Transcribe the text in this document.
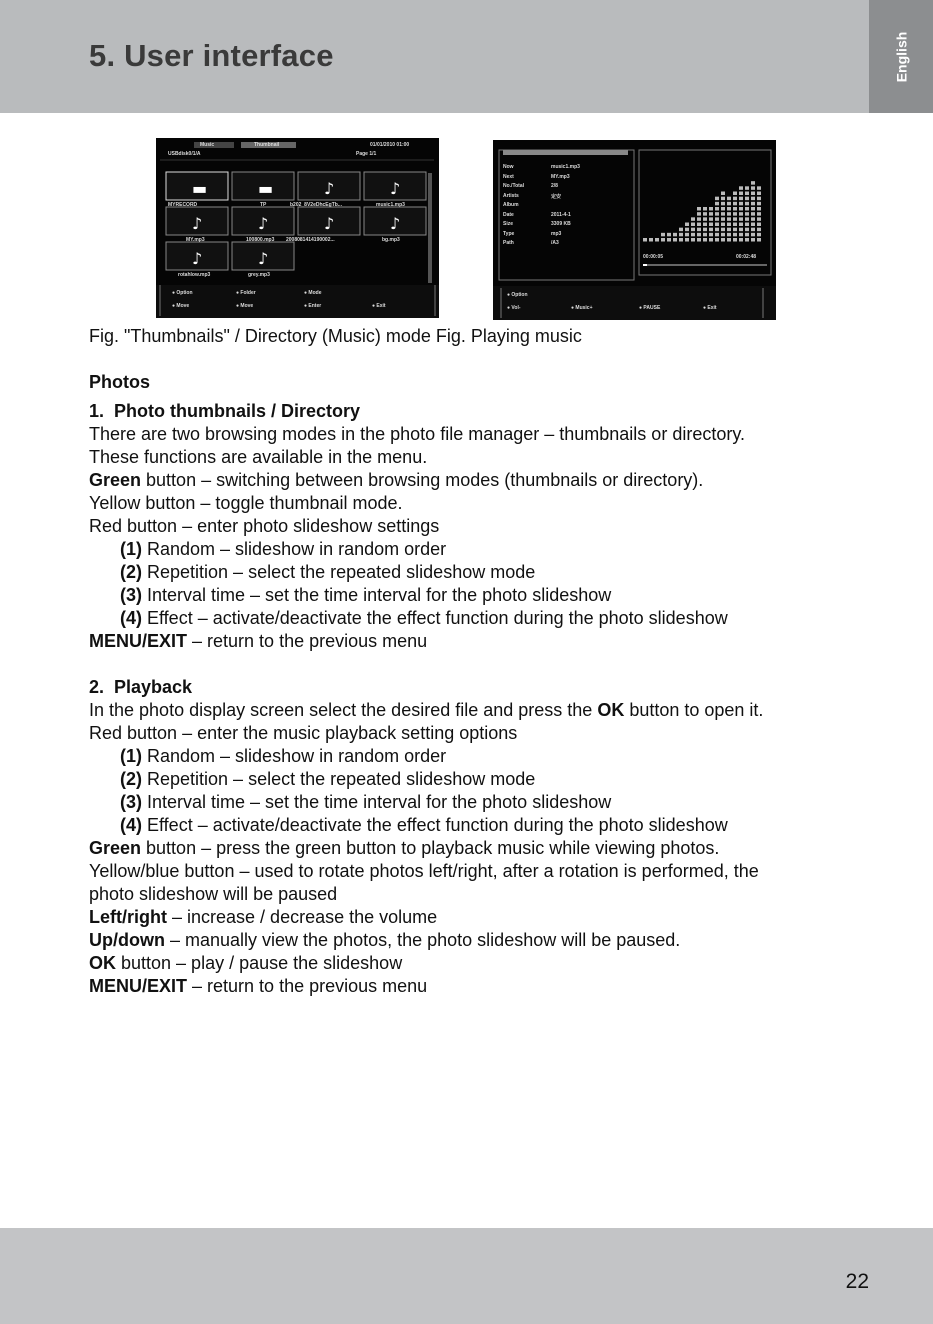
5. User interface	English
▬	▬	♪	♪
♪	♪	♪	♪
♪	♪
Music	Thumbnail	01/01/2010 01:00
USBdisk0/1/A	Page 1/1
MYRECORD	TP	b202_8V2eDhcEgTb...	music1.mp3
MY.mp3	100800.mp3 2008081414190002...	bg.mp3
rotahlow.mp3	grey.mp3
● Option	● Folder	● Mode
● Move	● Move	● Enter	● Exit
Now	music1.mp3
Next	MY.mp3
No./Total	2/8
Artists	定安
Album
Date	2011-4-1
Size	3309 KB
Type	mp3
Path	/A3
00:00:05	00:02:48
● Option
● Vol-	● Music+	● PAUSE	● Exit
Fig. "Thumbnails" / Directory (Music) mode Fig. Playing music

Photos

1.  Photo thumbnails / Directory

There are two browsing modes in the photo file manager – thumbnails or directory.

These functions are available in the menu.

Green button – switching between browsing modes (thumbnails or directory).

Yellow button – toggle thumbnail mode.

Red button – enter photo slideshow settings

(1) Random – slideshow in random order

(2) Repetition – select the repeated slideshow mode

(3) Interval time – set the time interval for the photo slideshow

(4) Effect – activate/deactivate the effect function during the photo slideshow

MENU/EXIT – return to the previous menu

2.  Playback

In the photo display screen select the desired file and press the OK button to open it.

Red button – enter the music playback setting options

(1) Random – slideshow in random order

(2) Repetition – select the repeated slideshow mode

(3) Interval time – set the time interval for the photo slideshow

(4) Effect – activate/deactivate the effect function during the photo slideshow

Green button – press the green button to playback music while viewing photos.

Yellow/blue button – used to rotate photos left/right, after a rotation is performed, the

photo slideshow will be paused

Left/right – increase / decrease the volume

Up/down – manually view the photos, the photo slideshow will be paused.

OK button – play / pause the slideshow

MENU/EXIT – return to the previous menu

22
